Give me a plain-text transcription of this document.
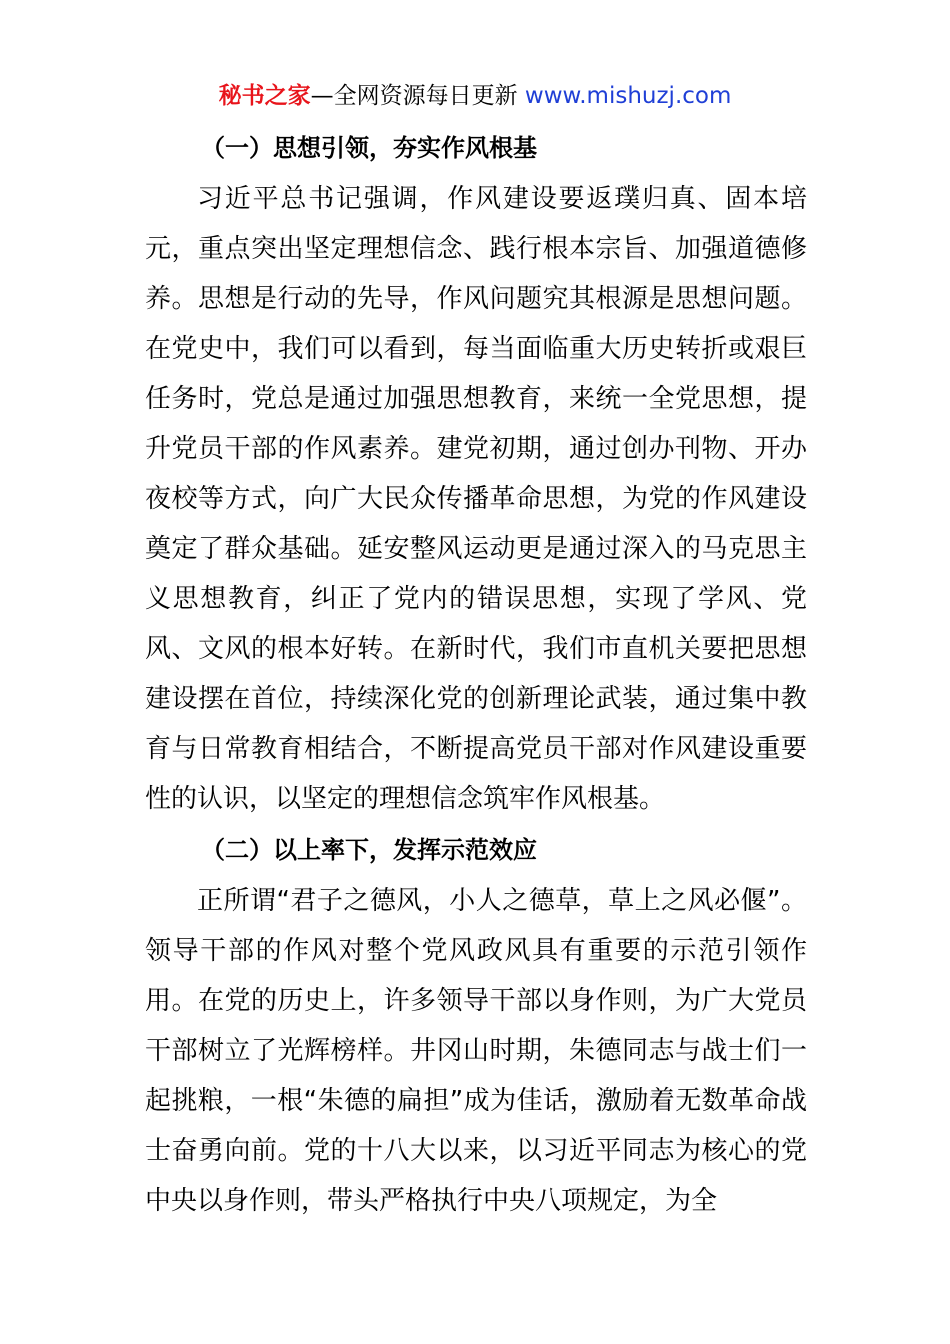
秘书之家—全网资源每日更新 www.mishuzj.com
（一）思想引领，夯实作风根基

习近平总书记强调，作风建设要返璞归真、固本培元，重点突出坚定理想信念、践行根本宗旨、加强道德修养。思想是行动的先导，作风问题究其根源是思想问题。在党史中，我们可以看到，每当面临重大历史转折或艰巨任务时，党总是通过加强思想教育，来统一全党思想，提升党员干部的作风素养。建党初期，通过创办刊物、开办夜校等方式，向广大民众传播革命思想，为党的作风建设奠定了群众基础。延安整风运动更是通过深入的马克思主义思想教育，纠正了党内的错误思想，实现了学风、党风、文风的根本好转。在新时代，我们市直机关要把思想建设摆在首位，持续深化党的创新理论武装，通过集中教育与日常教育相结合，不断提高党员干部对作风建设重要性的认识，以坚定的理想信念筑牢作风根基。

（二）以上率下，发挥示范效应

正所谓“君子之德风，小人之德草，草上之风必偃”。领导干部的作风对整个党风政风具有重要的示范引领作用。在党的历史上，许多领导干部以身作则，为广大党员干部树立了光辉榜样。井冈山时期，朱德同志与战士们一起挑粮，一根“朱德的扁担”成为佳话，激励着无数革命战士奋勇向前。党的十八大以来，以习近平同志为核心的党中央以身作则，带头严格执行中央八项规定，为全
